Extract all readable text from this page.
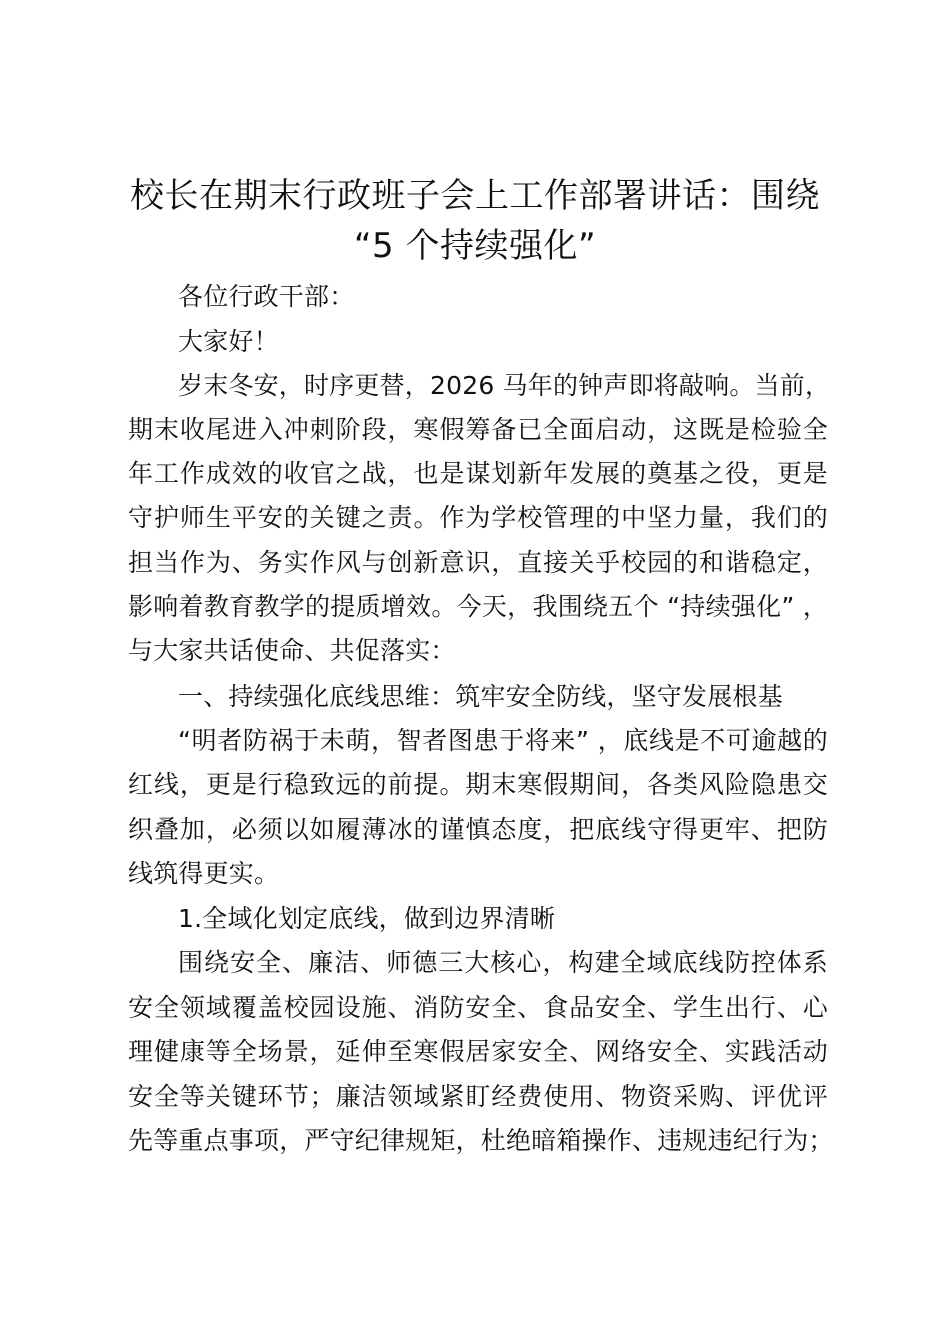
校长在期末行政班子会上工作部署讲话：围绕
“5 个持续强化”
各位行政干部：
大家好！
岁末冬安，时序更替，2026 马年的钟声即将敲响。当前，
期末收尾进入冲刺阶段，寒假筹备已全面启动，这既是检验全
年工作成效的收官之战，也是谋划新年发展的奠基之役，更是
守护师生平安的关键之责。作为学校管理的中坚力量，我们的
担当作为、务实作风与创新意识，直接关乎校园的和谐稳定，
影响着教育教学的提质增效。今天，我围绕五个 “持续强化” ，
与大家共话使命、共促落实：
一、持续强化底线思维：筑牢安全防线，坚守发展根基
“明者防祸于未萌，智者图患于将来” ，底线是不可逾越的
红线，更是行稳致远的前提。期末寒假期间，各类风险隐患交
织叠加，必须以如履薄冰的谨慎态度，把底线守得更牢、把防
线筑得更实。
1.全域化划定底线，做到边界清晰
围绕安全、廉洁、师德三大核心，构建全域底线防控体系
安全领域覆盖校园设施、消防安全、食品安全、学生出行、心
理健康等全场景，延伸至寒假居家安全、网络安全、实践活动
安全等关键环节；廉洁领域紧盯经费使用、物资采购、评优评
先等重点事项，严守纪律规矩，杜绝暗箱操作、违规违纪行为；
